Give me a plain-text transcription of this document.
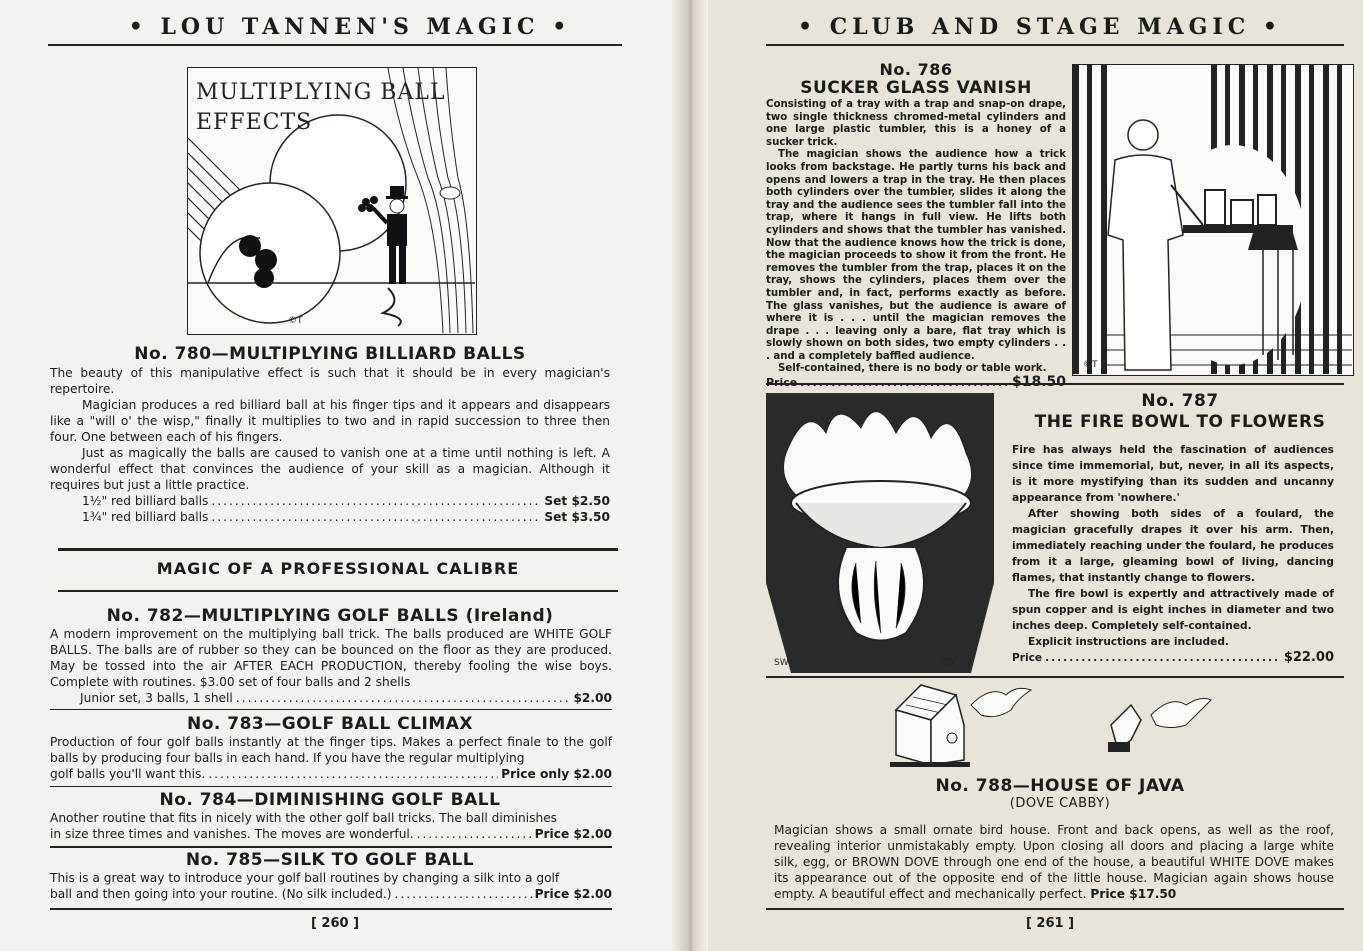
• LOU TANNEN'S MAGIC •
©T
MULTIPLYING BALL EFFECTS
No. 780—MULTIPLYING BILLIARD BALLS

The beauty of this manipulative effect is such that it should be in every magician's repertoire.

Magician produces a red billiard ball at his finger tips and it appears and disappears like a "will o' the wisp," finally it multiplies to two and in rapid succession to three then four. One between each of his fingers.

Just as magically the balls are caused to vanish one at a time until nothing is left. A wonderful effect that convinces the audience of your skill as a magician. Although it requires but just a little practice.

1½" red billiard balls .....	Set $2.50
1¾" red billiard balls .....	Set $3.50
MAGIC OF A PROFESSIONAL CALIBRE
No. 782—MULTIPLYING GOLF BALLS (Ireland)

A modern improvement on the multiplying ball trick. The balls produced are WHITE GOLF BALLS. The balls are of rubber so they can be bounced on the floor as they are produced. May be tossed into the air AFTER EACH PRODUCTION, thereby fooling the wise boys. Complete with routines. $3.00 set of four balls and 2 shells

Junior set, 3 balls, 1 shell .....	$2.00
No. 783—GOLF BALL CLIMAX

Production of four golf balls instantly at the finger tips. Makes a perfect finale to the golf balls by producing four balls in each hand. If you have the regular multiplying

golf balls you'll want this. .....	Price only $2.00
No. 784—DIMINISHING GOLF BALL

Another routine that fits in nicely with the other golf ball tricks. The ball diminishes

in size three times and vanishes. The moves are wonderful. .....	Price $2.00
No. 785—SILK TO GOLF BALL

This is a great way to introduce your golf ball routines by changing a silk into a golf

ball and then going into your routine. (No silk included.) .....	Price $2.00
[ 260 ]
• CLUB AND STAGE MAGIC •
No. 786
SUCKER GLASS VANISH

Consisting of a tray with a trap and snap-on drape, two single thickness chromed-metal cylinders and one large plastic tumbler, this is a honey of a sucker trick.

The magician shows the audience how a trick looks from backstage. He partly turns his back and opens and lowers a trap in the tray. He then places both cylinders over the tumbler, slides it along the tray and the audience sees the tumbler fall into the trap, where it hangs in full view. He lifts both cylinders and shows that the tumbler has vanished. Now that the audience knows how the trick is done, the magician proceeds to show it from the front. He removes the tumbler from the trap, places it on the tray, shows the cylinders, places them over the tumbler and, in fact, performs exactly as before. The glass vanishes, but the audience is aware of where it is . . . until the magician removes the drape . . . leaving only a bare, flat tray which is slowly shown on both sides, two empty cylinders . . . and a completely baffled audience.

Self-contained, there is no body or table work.

Price .....	$18.50
©T
SW	TO
No. 787
THE FIRE BOWL TO FLOWERS

Fire has always held the fascination of audiences since time immemorial, but, never, in all its aspects, is it more mystifying than its sudden and uncanny appearance from 'nowhere.'

After showing both sides of a foulard, the magician gracefully drapes it over his arm. Then, immediately reaching under the foulard, he produces from it a large, gleaming bowl of living, dancing flames, that instantly change to flowers.

The fire bowl is expertly and attractively made of spun copper and is eight inches in diameter and two inches deep. Completely self-contained.

Explicit instructions are included.

Price .....	$22.00
No. 788—HOUSE OF JAVA
(DOVE CABBY)
Magician shows a small ornate bird house. Front and back opens, as well as the roof, revealing interior unmistakably empty. Upon closing all doors and placing a large white silk, egg, or BROWN DOVE through one end of the house, a beautiful WHITE DOVE makes its appearance out of the opposite end of the little house. Magician again shows house empty. A beautiful effect and mechanically perfect. Price $17.50
[ 261 ]
